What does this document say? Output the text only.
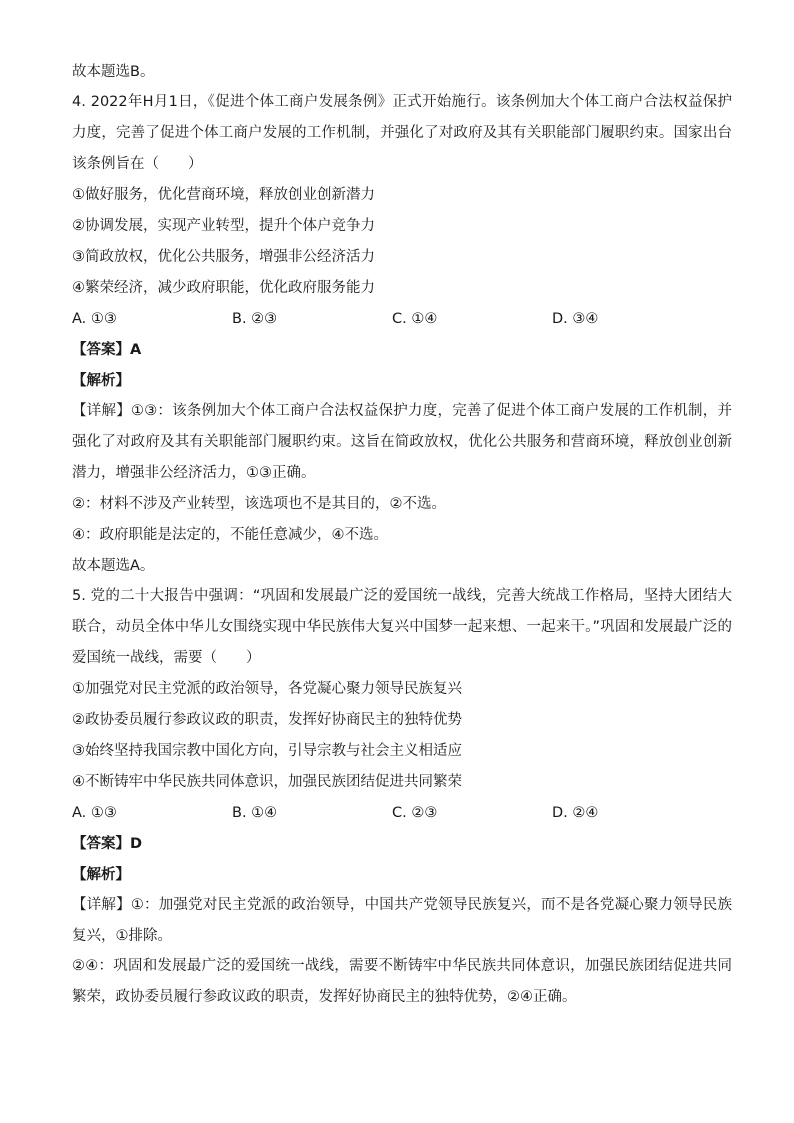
故本题选B。
4. 2022年H月1日，《促进个体工商户发展条例》正式开始施行。该条例加大个体工商户合法权益保护力度，完善了促进个体工商户发展的工作机制，并强化了对政府及其有关职能部门履职约束。国家出台该条例旨在（　　）
①做好服务，优化营商环境，释放创业创新潜力
②协调发展，实现产业转型，提升个体户竞争力
③简政放权，优化公共服务，增强非公经济活力
④繁荣经济，减少政府职能，优化政府服务能力
A. ①③	B. ②③	C. ①④	D. ③④
【答案】A
【解析】
【详解】①③：该条例加大个体工商户合法权益保护力度，完善了促进个体工商户发展的工作机制，并强化了对政府及其有关职能部门履职约束。这旨在简政放权，优化公共服务和营商环境，释放创业创新潜力，增强非公经济活力，①③正确。
②：材料不涉及产业转型，该选项也不是其目的，②不选。
④：政府职能是法定的，不能任意减少，④不选。
故本题选A。
5. 党的二十大报告中强调：“巩固和发展最广泛的爱国统一战线，完善大统战工作格局，坚持大团结大联合，动员全体中华儿女围绕实现中华民族伟大复兴中国梦一起来想、一起来干。”巩固和发展最广泛的爱国统一战线，需要（　　）
①加强党对民主党派的政治领导，各党凝心聚力领导民族复兴
②政协委员履行参政议政的职责，发挥好协商民主的独特优势
③始终坚持我国宗教中国化方向，引导宗教与社会主义相适应
④不断铸牢中华民族共同体意识，加强民族团结促进共同繁荣
A. ①③	B. ①④	C. ②③	D. ②④
【答案】D
【解析】
【详解】①：加强党对民主党派的政治领导，中国共产党领导民族复兴，而不是各党凝心聚力领导民族复兴，①排除。
②④：巩固和发展最广泛的爱国统一战线，需要不断铸牢中华民族共同体意识，加强民族团结促进共同繁荣，政协委员履行参政议政的职责，发挥好协商民主的独特优势，②④正确。
